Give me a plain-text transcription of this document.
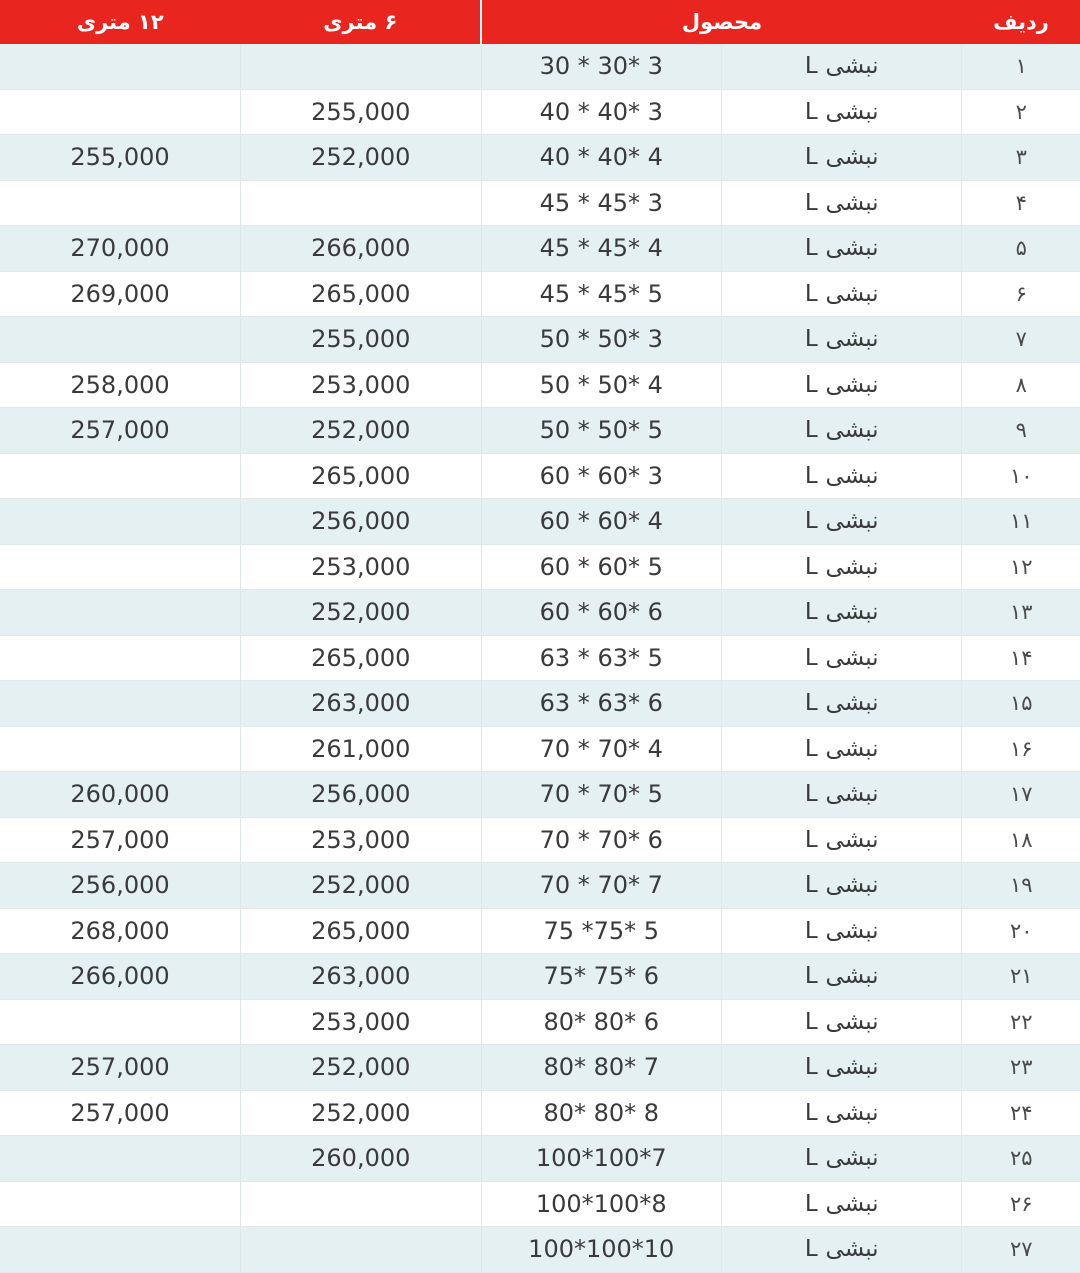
ردیف	محصول		۶ متری	۱۲ متری
۱	نبشی L	30 * 30* 3		
۲	نبشی L	40 * 40* 3	255,000	
۳	نبشی L	40 * 40* 4	252,000	255,000
۴	نبشی L	45 * 45* 3		
۵	نبشی L	45 * 45* 4	266,000	270,000
۶	نبشی L	45 * 45* 5	265,000	269,000
۷	نبشی L	50 * 50* 3	255,000	
۸	نبشی L	50 * 50* 4	253,000	258,000
۹	نبشی L	50 * 50* 5	252,000	257,000
۱۰	نبشی L	60 * 60* 3	265,000	
۱۱	نبشی L	60 * 60* 4	256,000	
۱۲	نبشی L	60 * 60* 5	253,000	
۱۳	نبشی L	60 * 60* 6	252,000	
۱۴	نبشی L	63 * 63* 5	265,000	
۱۵	نبشی L	63 * 63* 6	263,000	
۱۶	نبشی L	70 * 70* 4	261,000	
۱۷	نبشی L	70 * 70* 5	256,000	260,000
۱۸	نبشی L	70 * 70* 6	253,000	257,000
۱۹	نبشی L	70 * 70* 7	252,000	256,000
۲۰	نبشی L	75 *75* 5	265,000	268,000
۲۱	نبشی L	75* 75* 6	263,000	266,000
۲۲	نبشی L	80* 80* 6	253,000	
۲۳	نبشی L	80* 80* 7	252,000	257,000
۲۴	نبشی L	80* 80* 8	252,000	257,000
۲۵	نبشی L	100*100*7	260,000	
۲۶	نبشی L	100*100*8		
۲۷	نبشی L	100*100*10		
